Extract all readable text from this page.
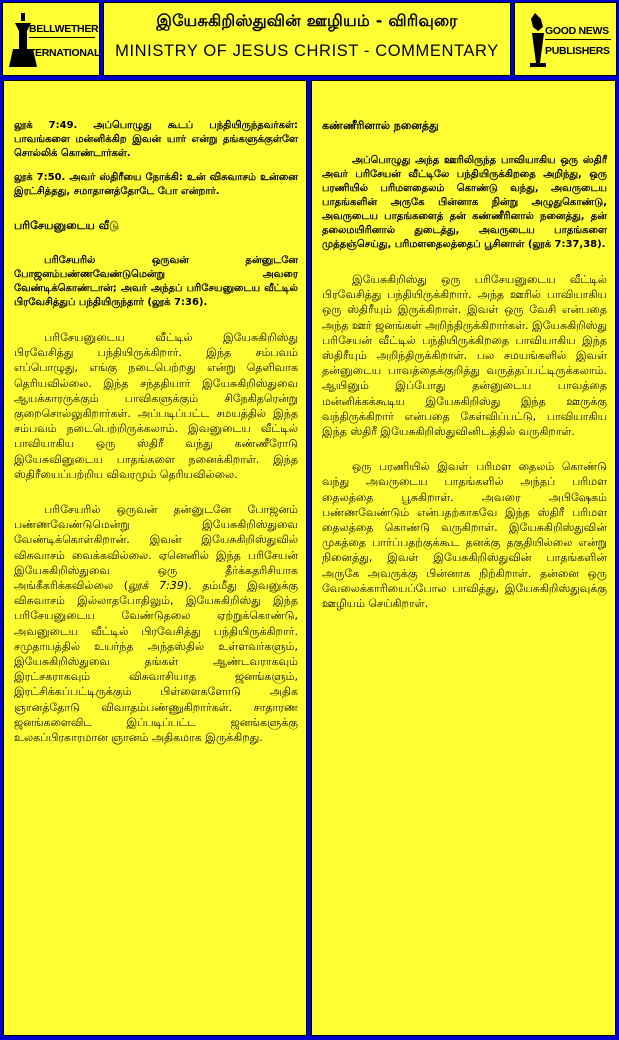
BELLWETHER
INTERNATIONAL
இயேசுகிறிஸ்துவின் ஊழியம் - விரிவுரை
MINISTRY OF JESUS CHRIST - COMMENTARY
GOOD NEWS
PUBLISHERS

லூக் 7:49. அப்பொழுது கூடப் பந்தியிருந்தவர்கள்: பாவங்களை மன்னிக்கிற இவன் யார் என்று தங்களுக்குள்ளே சொல்லிக் கொண்டார்கள்.

லூக் 7:50. அவர் ஸ்திரீயை நோக்கி: உன் விசுவாசம் உன்னை இரட்சித்தது, சமாதானத்தோடே போ என்றார்.

பரிசேயனுடைய வீடு

பரிசேயரில் ஒருவன் தன்னுடனே போஜனம்பண்ணவேண்டுமென்று அவரை வேண்டிக்கொண்டான்; அவர் அந்தப் பரிசேயனுடைய வீட்டில் பிரவேசித்துப் பந்தியிருந்தார் (லூக் 7:36).

பரிசேயனுடைய வீட்டில் இயேசுகிறிஸ்து பிரவேசித்து பந்தியிருக்கிறார். இந்த சம்பவம் எப்பொழுது, எங்கு நடைபெற்றது என்று தெளிவாக தெரியவில்லை. இந்த சந்ததியார் இயேசுகிறிஸ்துவை ஆயக்காரருக்கும் பாவிகளுக்கும் சிநேகிதரென்று குறைசொல்லுகிறார்கள். அப்படிப்பட்ட சமயத்தில் இந்த சம்பவம் நடைபெற்றிருக்கலாம். இவனுடைய வீட்டில் பாவியாகிய ஒரு ஸ்திரீ வந்து கண்ணீரோடு இயேசுவினுடைய பாதங்களை நனைக்கிறாள். இந்த ஸ்திரீயைப்பற்றிய விவரமும் தெரியவில்லை.

பரிசேயரில் ஒருவன் தன்னுடனே போஜனம் பண்ணவேண்டுமென்று இயேசுகிறிஸ்துவை வேண்டிக்கொள்கிறான். இவன் இயேசுகிறிஸ்துவில் விசுவாசம் வைக்கவில்லை. ஏனெனில் இந்த பரிசேயன் இயேசுகிறிஸ்துவை ஒரு தீர்க்கதரிசியாக அங்கீகரிக்கவில்லை (லூக் 7:39). தம்மீது இவனுக்கு விசுவாசம் இல்லாதபோதிலும், இயேசுகிறிஸ்து இந்த பரிசேயனுடைய வேண்டுதலை ஏற்றுக்கொண்டு, அவனுடைய வீட்டில் பிரவேசித்து பந்தியிருக்கிறார். சமுதாயத்தில் உயர்ந்த அந்தஸ்தில் உள்ளவர்களும், இயேசுகிறிஸ்துவை தங்கள் ஆண்டவராகவும் இரட்சகராகவும் விசுவாசியாத ஜனங்களும், இரட்சிக்கப்பட்டிருக்கும் பிள்ளைகளோடு அதிக ஞானத்தோடு விவாதம்பண்ணுகிறார்கள். சாதாரண ஜனங்களைவிட இப்படிப்பட்ட ஜனங்களுக்கு உலகப்பிரகாரமான ஞானம் அதிகமாக இருக்கிறது.

கண்ணீரினால் நனைத்து

அப்பொழுது அந்த ஊரிலிருந்த பாவியாகிய ஒரு ஸ்திரீ அவர் பரிசேயன் வீட்டிலே பந்தியிருக்கிறதை அறிந்து, ஒரு பரணியில் பரிமளதைலம் கொண்டு வந்து, அவருடைய பாதங்களின் அருகே பின்னாக நின்று அழுதுகொண்டு, அவருடைய பாதங்களைத் தன் கண்ணீரினால் நனைத்து, தன் தலைமயிரினால் துடைத்து, அவருடைய பாதங்களை முத்தஞ்செய்து, பரிமளதைலத்தைப் பூசினாள் (லூக் 7:37,38).

இயேசுகிறிஸ்து ஒரு பரிசேயனுடைய வீட்டில் பிரவேசித்து பந்தியிருக்கிறார். அந்த ஊரில் பாவியாகிய ஒரு ஸ்திரீயும் இருக்கிறாள். இவள் ஒரு வேசி என்பதை அந்த ஊர் ஜனங்கள் அறிந்திருக்கிறார்கள். இயேசுகிறிஸ்து பரிசேயன் வீட்டில் பந்தியிருக்கிறதை பாவியாகிய இந்த ஸ்திரீயும் அறிந்திருக்கிறாள். பல சமயங்களில் இவள் தன்னுடைய பாவத்தைக்குறித்து வருத்தப்பட்டிருக்கலாம். ஆயினும் இப்போது தன்னுடைய பாவத்தை மன்னிக்கக்கூடிய இயேசுகிறிஸ்து இந்த ஊருக்கு வந்திருக்கிறார் என்பதை கேள்விப்பட்டு, பாவியாகிய இந்த ஸ்திரீ இயேசுகிறிஸ்துவினிடத்தில் வருகிறாள்.

ஒரு பரணியில் இவள் பரிமள தைலம் கொண்டு வந்து அவருடைய பாதங்களில் அந்தப் பரிமள தைலத்தை பூசுகிறாள். அவரை அபிஷேகம் பண்ணவேண்டும் என்பதற்காகவே இந்த ஸ்திரீ பரிமள தைலத்தை கொண்டு வருகிறாள். இயேசுகிறிஸ்துவின் முகத்தை பார்ப்பதற்குக்கூட தனக்கு தகுதியில்லை என்று நினைத்து, இவள் இயேசுகிறிஸ்துவின் பாதங்களின் அருகே அவருக்கு பின்னாக நிற்கிறாள். தன்னை ஒரு வேலைக்காரியைப்போல பாவித்து, இயேசுகிறிஸ்துவுக்கு ஊழியம் செய்கிறாள்.
